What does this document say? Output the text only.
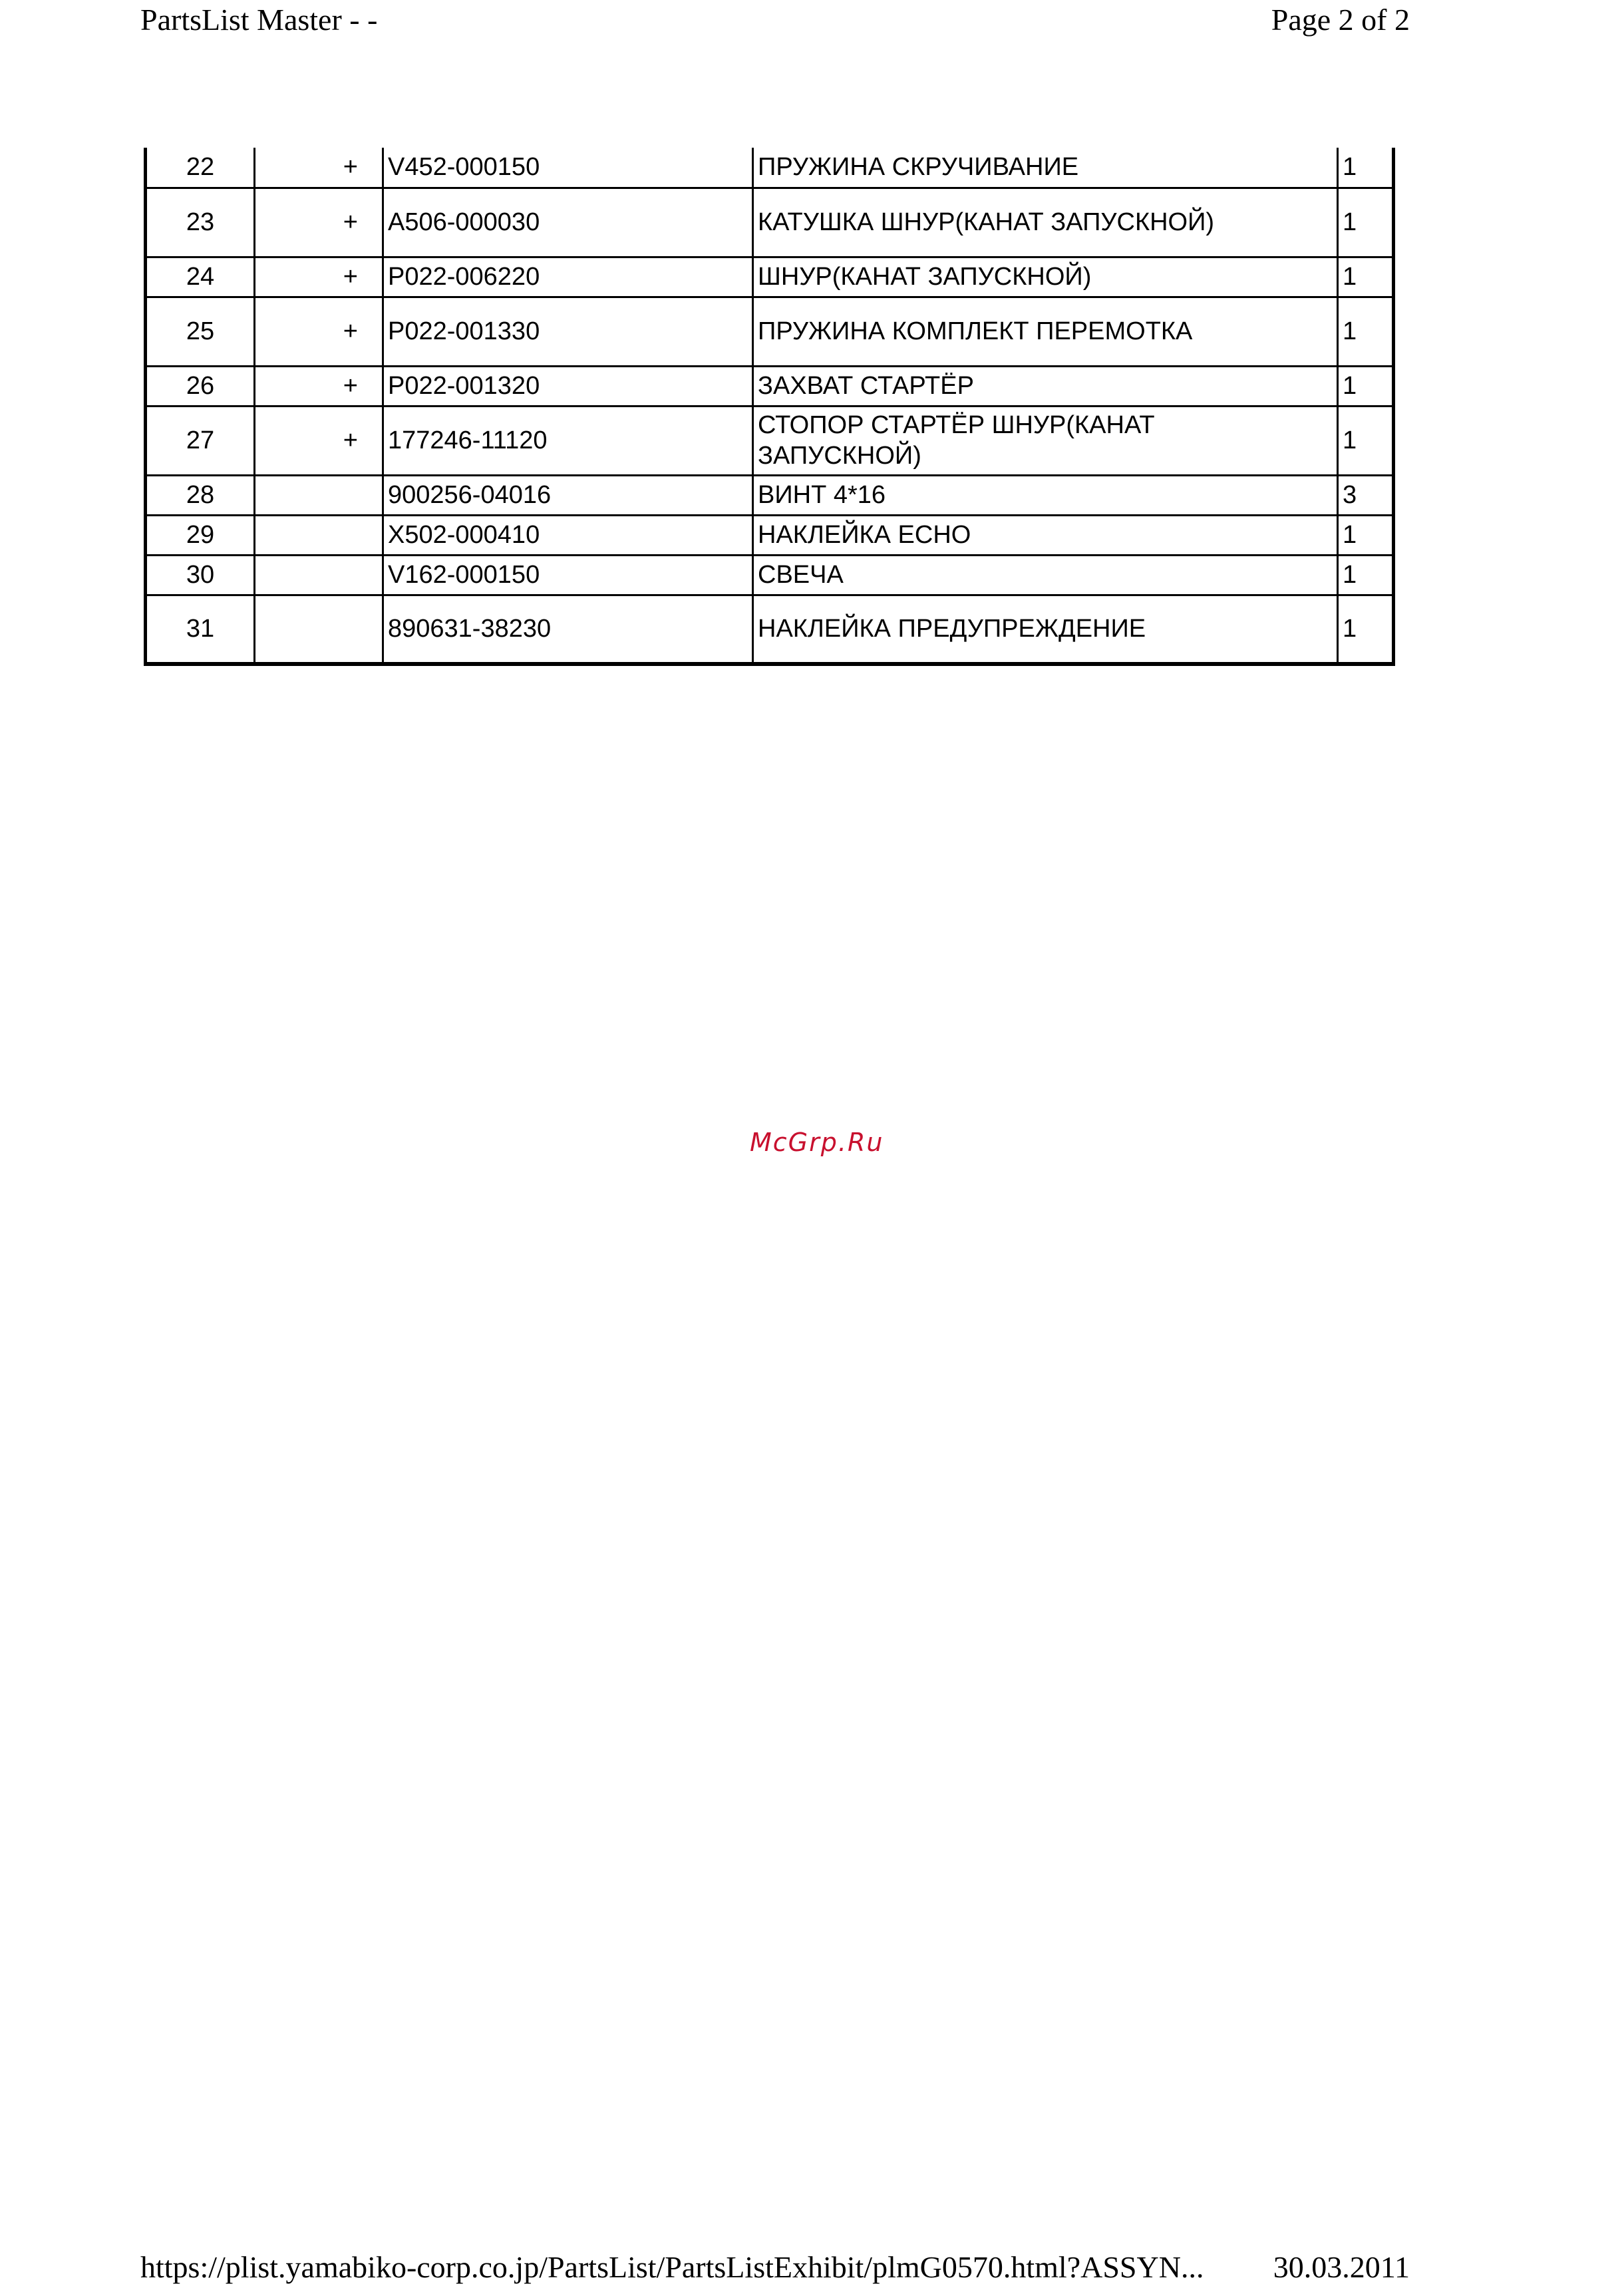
PartsList Master - -	Page 2 of 2
22	+	V452-000150	ПРУЖИНА СКРУЧИВАНИЕ	1
23	+	A506-000030	КАТУШКА ШНУР(КАНАТ ЗАПУСКНОЙ)	1
24	+	P022-006220	ШНУР(КАНАТ ЗАПУСКНОЙ)	1
25	+	P022-001330	ПРУЖИНА КОМПЛЕКТ ПЕРЕМОТКА	1
26	+	P022-001320	ЗАХВАТ СТАРТЁР	1
27	+	177246-11120	СТОПОР СТАРТЁР ШНУР(КАНАТ ЗАПУСКНОЙ)	1
28		900256-04016	ВИНТ 4*16	3
29		X502-000410	НАКЛЕЙКА ECHO	1
30		V162-000150	СВЕЧА	1
31		890631-38230	НАКЛЕЙКА ПРЕДУПРЕЖДЕНИЕ	1
McGrp.Ru
https://plist.yamabiko-corp.co.jp/PartsList/PartsListExhibit/plmG0570.html?ASSYN... 30.03.2011
